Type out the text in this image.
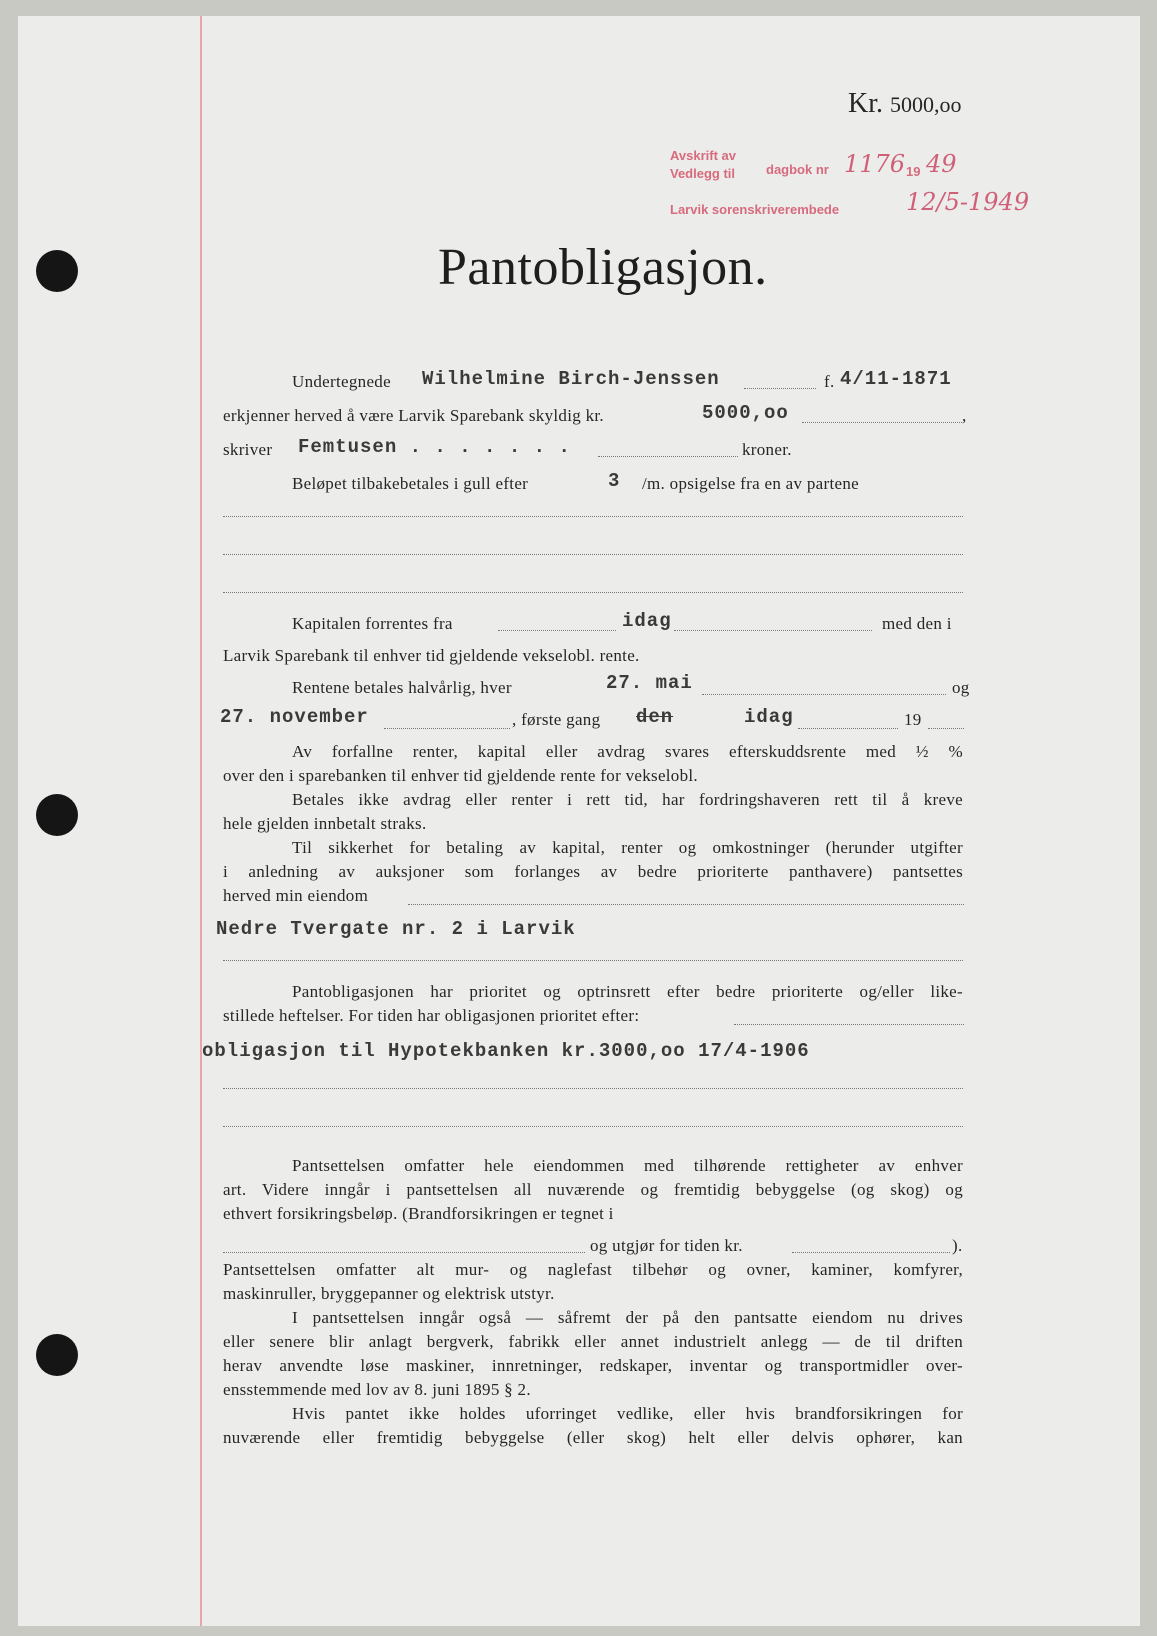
Kr. 5000,oo
Avskrift av
Vedlegg til dagbok nr 1176 19 49
Larvik sorenskriverembede	12/5-1949
Pantobligasjon.
Undertegnede Wilhelmine Birch-Jenssen	f. 4/11-1871
erkjenner herved å være Larvik Sparebank skyldig kr.	5000,oo	,
skriver Femtusen . . . . . . .	kroner.
Beløpet tilbakebetales i gull efter	3 /m. opsigelse fra en av partene
Kapitalen forrentes fra	idag	med den i
Larvik Sparebank til enhver tid gjeldende vekselobl. rente.
Rentene betales halvårlig, hver	27. mai	og
27. november	, første gang den	idag	19
Av forfallne renter, kapital eller avdrag svares efterskuddsrente med ½ %
over den i sparebanken til enhver tid gjeldende rente for vekselobl.
Betales ikke avdrag eller renter i rett tid, har fordringshaveren rett til å kreve
hele gjelden innbetalt straks.
Til sikkerhet for betaling av kapital, renter og omkostninger (herunder utgifter
i anledning av auksjoner som forlanges av bedre prioriterte panthavere) pantsettes
herved min eiendom
Nedre Tvergate nr. 2 i Larvik
Pantobligasjonen har prioritet og optrinsrett efter bedre prioriterte og/eller like-
stillede heftelser. For tiden har obligasjonen prioritet efter:
obligasjon til Hypotekbanken kr.3000,oo 17/4-1906
Pantsettelsen omfatter hele eiendommen med tilhørende rettigheter av enhver
art. Videre inngår i pantsettelsen all nuværende og fremtidig bebyggelse (og skog) og
ethvert forsikringsbeløp. (Brandforsikringen er tegnet i
og utgjør for tiden kr.	).
Pantsettelsen omfatter alt mur- og naglefast tilbehør og ovner, kaminer, komfyrer,
maskinruller, bryggepanner og elektrisk utstyr.
I pantsettelsen inngår også — såfremt der på den pantsatte eiendom nu drives
eller senere blir anlagt bergverk, fabrikk eller annet industrielt anlegg — de til driften
herav anvendte løse maskiner, innretninger, redskaper, inventar og transportmidler over-
ensstemmende med lov av 8. juni 1895 § 2.
Hvis pantet ikke holdes uforringet vedlike, eller hvis brandforsikringen for
nuværende eller fremtidig bebyggelse (eller skog) helt eller delvis ophører, kan
